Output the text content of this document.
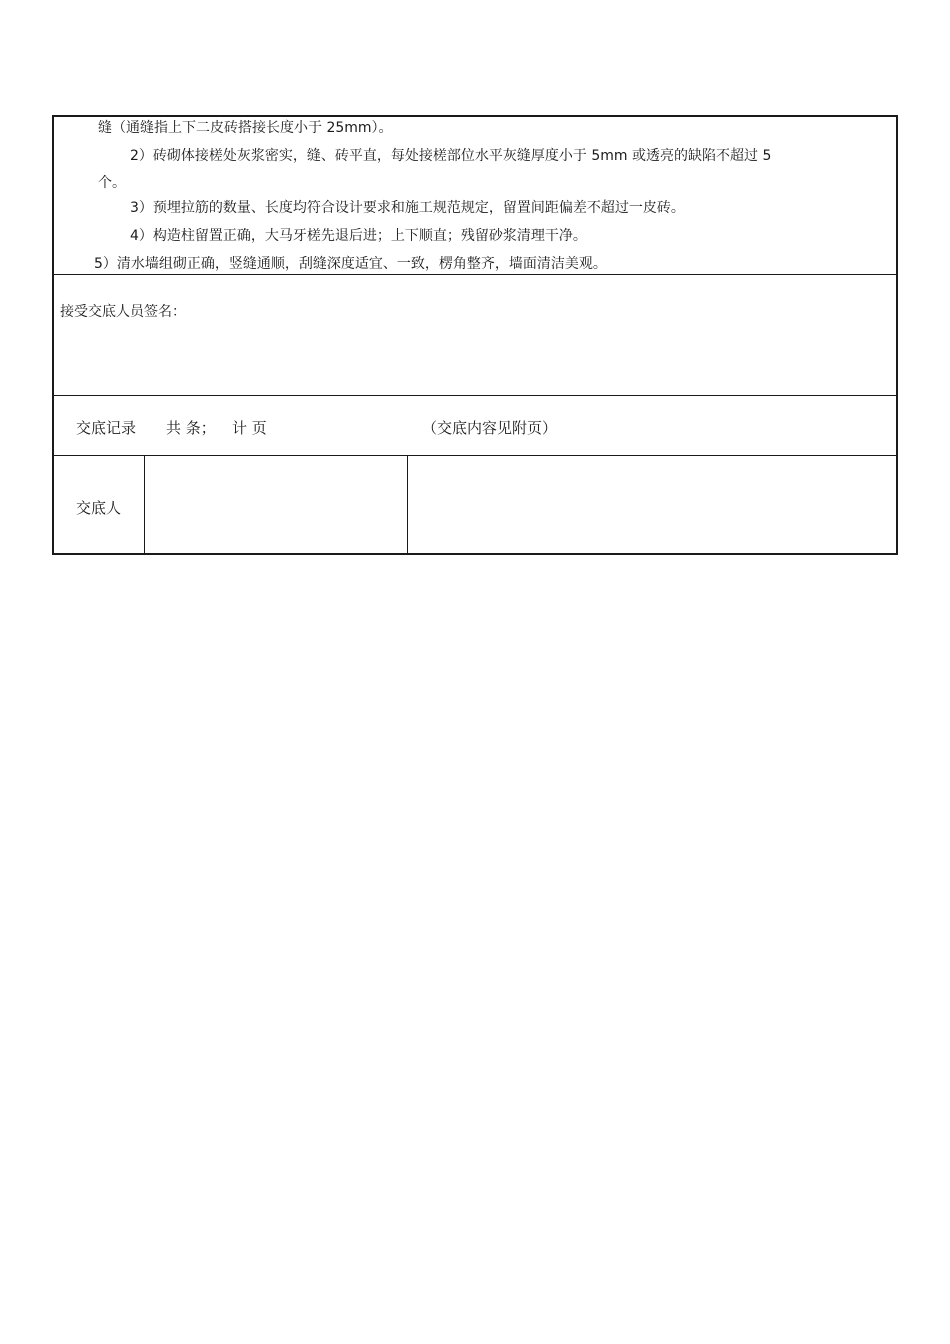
缝（通缝指上下二皮砖搭接长度小于 25mm）。
2）砖砌体接槎处灰浆密实，缝、砖平直，每处接槎部位水平灰缝厚度小于 5mm 或透亮的缺陷不超过 5
个。
3）预埋拉筋的数量、长度均符合设计要求和施工规范规定，留置间距偏差不超过一皮砖。
4）构造柱留置正确，大马牙槎先退后进；上下顺直；残留砂浆清理干净。
5）清水墙组砌正确，竖缝通顺，刮缝深度适宜、一致，楞角整齐，墙面清洁美观。
接受交底人员签名：
交底记录 共 条； 计 页	（交底内容见附页）
交底人
